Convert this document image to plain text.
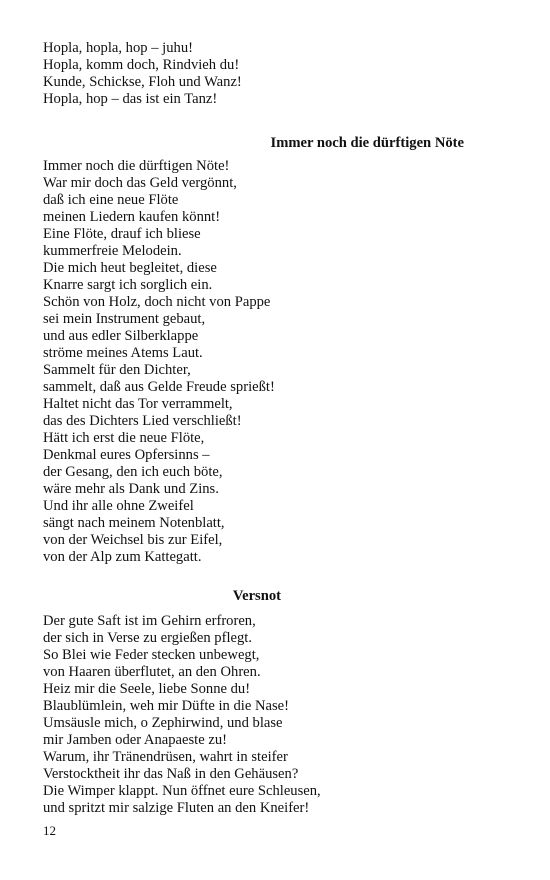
Hopla, hopla, hop – juhu!
Hopla, komm doch, Rindvieh du!
Kunde, Schickse, Floh und Wanz!
Hopla, hop – das ist ein Tanz!
Immer noch die dürftigen Nöte
Immer noch die dürftigen Nöte!
War mir doch das Geld vergönnt,
daß ich eine neue Flöte
meinen Liedern kaufen könnt!
Eine Flöte, drauf ich bliese
kummerfreie Melodein.
Die mich heut begleitet, diese
Knarre sargt ich sorglich ein.
Schön von Holz, doch nicht von Pappe
sei mein Instrument gebaut,
und aus edler Silberklappe
ströme meines Atems Laut.
Sammelt für den Dichter,
sammelt, daß aus Gelde Freude sprießt!
Haltet nicht das Tor verrammelt,
das des Dichters Lied verschließt!
Hätt ich erst die neue Flöte,
Denkmal eures Opfersinns –
der Gesang, den ich euch böte,
wäre mehr als Dank und Zins.
Und ihr alle ohne Zweifel
sängt nach meinem Notenblatt,
von der Weichsel bis zur Eifel,
von der Alp zum Kattegatt.
Versnot
Der gute Saft ist im Gehirn erfroren,
der sich in Verse zu ergießen pflegt.
So Blei wie Feder stecken unbewegt,
von Haaren überflutet, an den Ohren.
Heiz mir die Seele, liebe Sonne du!
Blaublümlein, weh mir Düfte in die Nase!
Umsäusle mich, o Zephirwind, und blase
mir Jamben oder Anapaeste zu!
Warum, ihr Tränendrüsen, wahrt in steifer
Verstocktheit ihr das Naß in den Gehäusen?
Die Wimper klappt. Nun öffnet eure Schleusen,
und spritzt mir salzige Fluten an den Kneifer!
12
